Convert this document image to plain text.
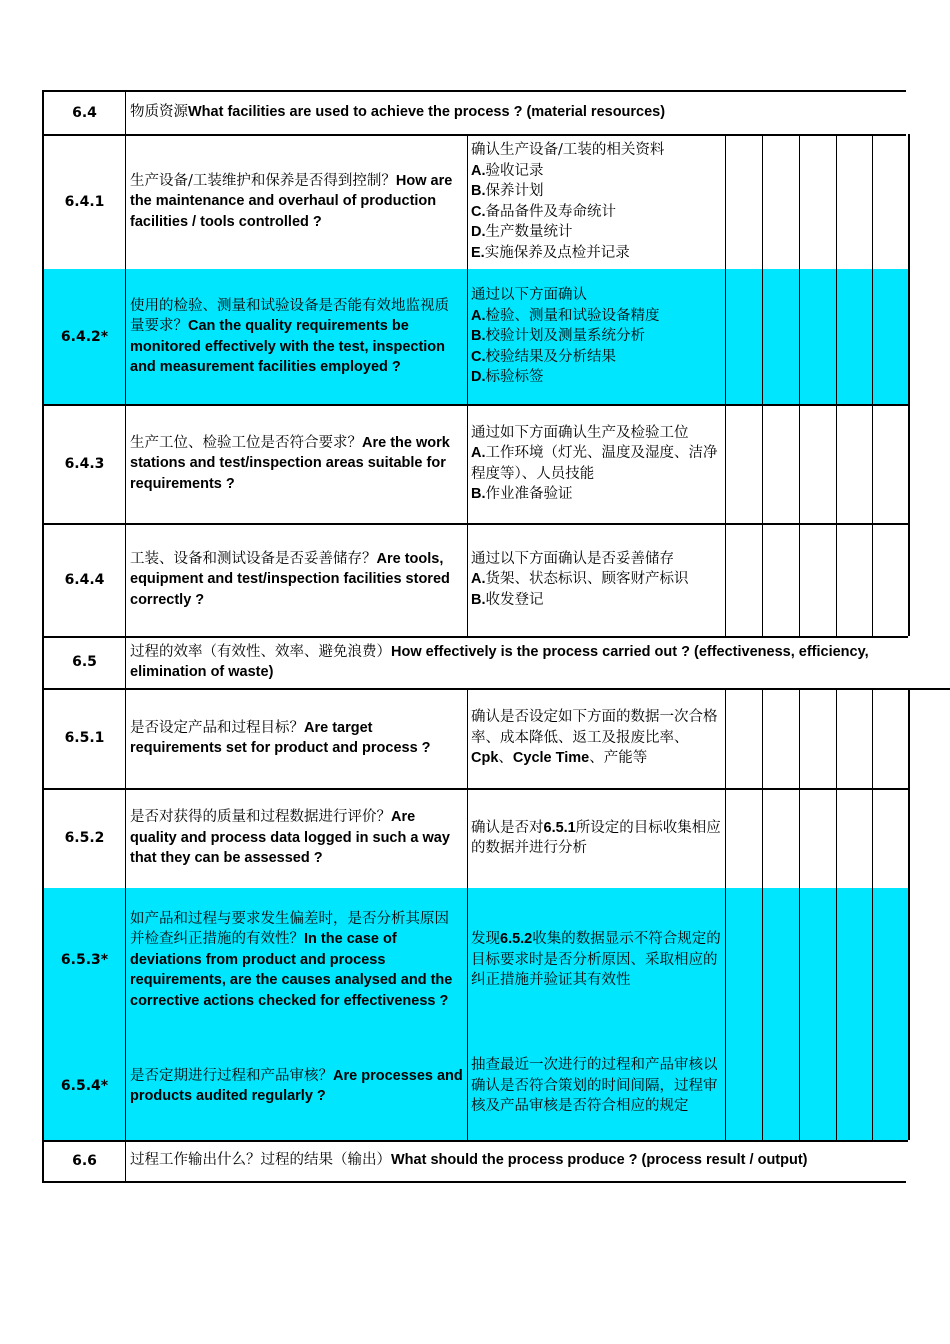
6.4	物质资源What facilities are used to achieve the process ? (material resources)
6.4.1
生产设备/工装维护和保养是否得到控制？How are the maintenance and overhaul of production facilities / tools controlled ?
确认生产设备/工装的相关资料
A.验收记录
B.保养计划
C.备品备件及寿命统计
D.生产数量统计
E.实施保养及点检并记录
6.4.2*
使用的检验、测量和试验设备是否能有效地监视质量要求？Can the quality requirements be monitored effectively with the test, inspection and measurement facilities employed ?
通过以下方面确认
A.检验、测量和试验设备精度
B.校验计划及测量系统分析
C.校验结果及分析结果
D.标验标签
6.4.3
生产工位、检验工位是否符合要求？Are the work stations and test/inspection areas suitable for
requirements ?
通过如下方面确认生产及检验工位
A.工作环境（灯光、温度及湿度、洁净程度等）、人员技能
B.作业准备验证
6.4.4
工装、设备和测试设备是否妥善储存？Are tools, equipment and test/inspection facilities stored correctly ?
通过以下方面确认是否妥善储存
A.货架、状态标识、顾客财产标识
B.收发登记
6.5
过程的效率（有效性、效率、避免浪费）How effectively is the process carried out ? (effectiveness, efficiency, elimination of waste)
6.5.1
是否设定产品和过程目标？Are target requirements set for product and process ?
确认是否设定如下方面的数据一次合格率、成本降低、返工及报废比率、Cpk、Cycle Time、产能等
6.5.2
是否对获得的质量和过程数据进行评价？Are quality and process data logged in such a way that they can be assessed ?
确认是否对6.5.1所设定的目标收集相应的数据并进行分析
6.5.3*
如产品和过程与要求发生偏差时，是否分析其原因并检查纠正措施的有效性？In the case of deviations from product and process requirements, are the causes analysed and the corrective actions checked for effectiveness ?
发现6.5.2收集的数据显示不符合规定的目标要求时是否分析原因、采取相应的纠正措施并验证其有效性
6.5.4*
是否定期进行过程和产品审核？Are processes and products audited regularly ?
抽查最近一次进行的过程和产品审核以确认是否符合策划的时间间隔，过程审核及产品审核是否符合相应的规定
6.6	过程工作输出什么？过程的结果（输出）What should the process produce ? (process result / output)
